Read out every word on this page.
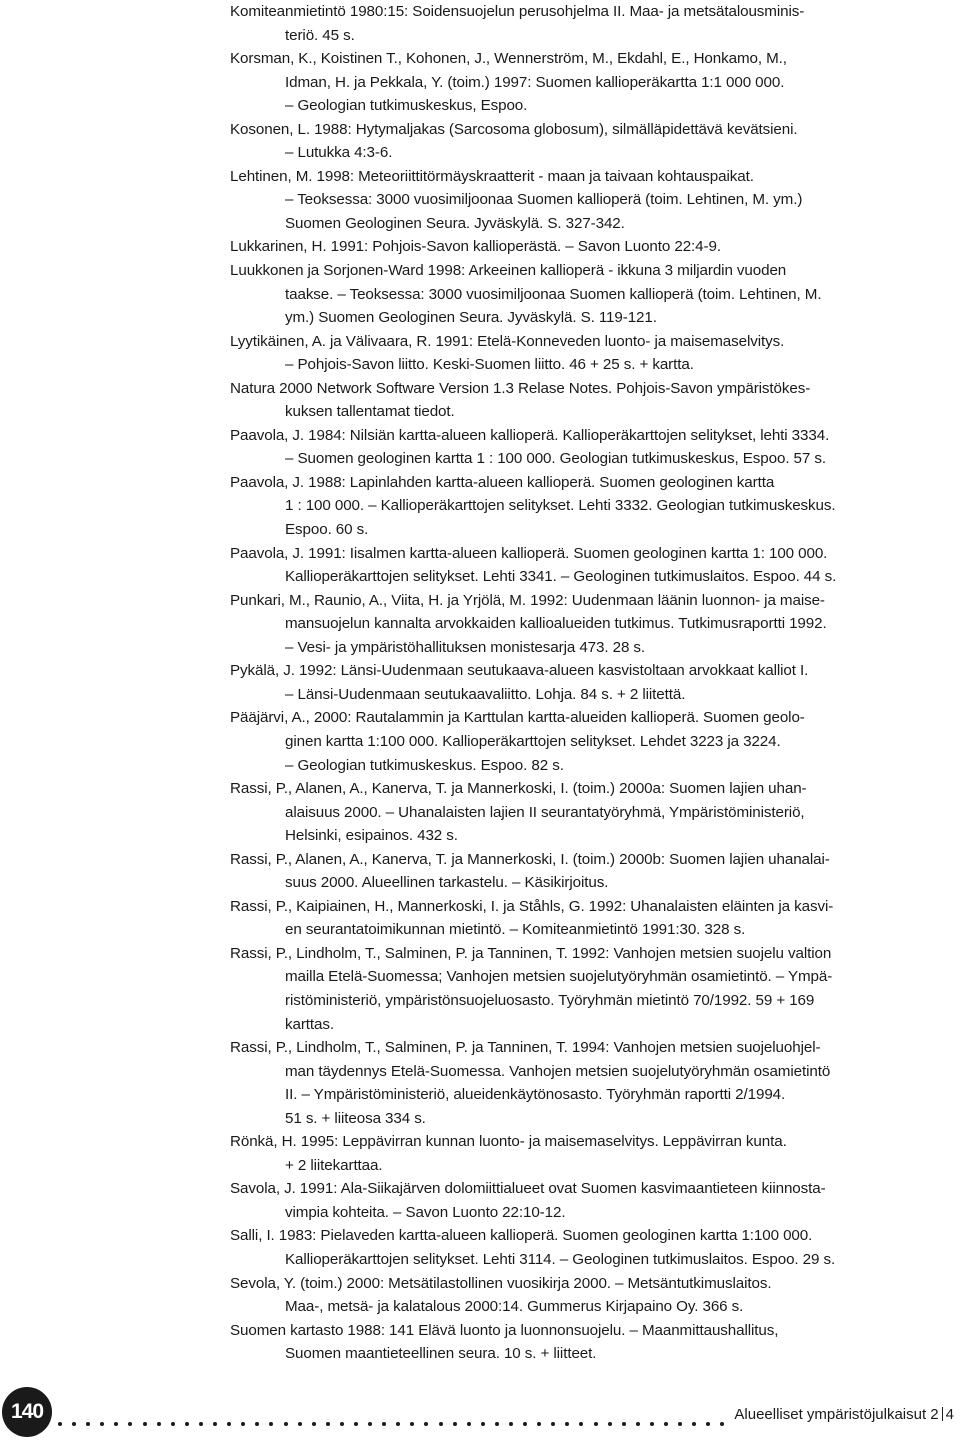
Komiteanmietintö 1980:15: Soidensuojelun perusohjelma II. Maa- ja metsätalousminis-
teriö. 45 s.
Korsman, K., Koistinen T., Kohonen, J., Wennerström, M., Ekdahl, E., Honkamo, M.,
Idman, H. ja Pekkala, Y. (toim.) 1997: Suomen kallioperäkartta 1:1 000 000.
– Geologian tutkimuskeskus, Espoo.
Kosonen, L. 1988: Hytymaljakas (Sarcosoma globosum), silmälläpidettävä kevätsieni.
– Lutukka 4:3-6.
Lehtinen, M. 1998: Meteoriittitörmäyskraatterit - maan ja taivaan kohtauspaikat.
– Teoksessa: 3000 vuosimiljoonaa Suomen kallioperä (toim. Lehtinen, M. ym.)
Suomen Geologinen Seura. Jyväskylä. S. 327-342.
Lukkarinen, H. 1991: Pohjois-Savon kallioperästä. – Savon Luonto 22:4-9.
Luukkonen ja Sorjonen-Ward 1998: Arkeeinen kallioperä - ikkuna 3 miljardin vuoden
taakse. – Teoksessa: 3000 vuosimiljoonaa Suomen kallioperä (toim. Lehtinen, M.
ym.) Suomen Geologinen Seura. Jyväskylä. S. 119-121.
Lyytikäinen, A. ja Välivaara, R. 1991: Etelä-Konneveden luonto- ja maisemaselvitys.
– Pohjois-Savon liitto. Keski-Suomen liitto. 46 + 25 s. + kartta.
Natura 2000 Network Software Version 1.3 Relase Notes. Pohjois-Savon ympäristökes-
kuksen tallentamat tiedot.
Paavola, J. 1984: Nilsiän kartta-alueen kallioperä. Kallioperäkarttojen selitykset, lehti 3334.
– Suomen geologinen kartta 1 : 100 000. Geologian tutkimuskeskus, Espoo. 57 s.
Paavola, J. 1988: Lapinlahden kartta-alueen kallioperä. Suomen geologinen kartta
1 : 100 000. – Kallioperäkarttojen selitykset. Lehti 3332. Geologian tutkimuskeskus.
Espoo. 60 s.
Paavola, J. 1991: Iisalmen kartta-alueen kallioperä. Suomen geologinen kartta 1: 100 000.
Kallioperäkarttojen selitykset. Lehti 3341. – Geologinen tutkimuslaitos. Espoo. 44 s.
Punkari, M., Raunio, A., Viita, H. ja Yrjölä, M. 1992: Uudenmaan läänin luonnon- ja maise-
mansuojelun kannalta arvokkaiden kallioalueiden tutkimus. Tutkimusraportti 1992.
– Vesi- ja ympäristöhallituksen monistesarja 473. 28 s.
Pykälä, J. 1992: Länsi-Uudenmaan seutukaava-alueen kasvistoltaan arvokkaat kalliot I.
– Länsi-Uudenmaan seutukaavaliitto. Lohja. 84 s. + 2 liitettä.
Pääjärvi, A., 2000: Rautalammin ja Karttulan kartta-alueiden kallioperä. Suomen geolo-
ginen kartta 1:100 000. Kallioperäkarttojen selitykset. Lehdet 3223 ja 3224.
– Geologian tutkimuskeskus. Espoo. 82 s.
Rassi, P., Alanen, A., Kanerva, T. ja Mannerkoski, I. (toim.) 2000a: Suomen lajien uhan-
alaisuus 2000. – Uhanalaisten lajien II seurantatyöryhmä, Ympäristöministeriö,
Helsinki, esipainos. 432 s.
Rassi, P., Alanen, A., Kanerva, T. ja Mannerkoski, I. (toim.) 2000b: Suomen lajien uhanalai-
suus 2000. Alueellinen tarkastelu. – Käsikirjoitus.
Rassi, P., Kaipiainen, H., Mannerkoski, I. ja Ståhls, G. 1992: Uhanalaisten eläinten ja kasvi-
en seurantatoimikunnan mietintö. – Komiteanmietintö 1991:30. 328 s.
Rassi, P., Lindholm, T., Salminen, P. ja Tanninen, T. 1992: Vanhojen metsien suojelu valtion
mailla Etelä-Suomessa; Vanhojen metsien suojelutyöryhmän osamietintö. – Ympä-
ristöministeriö, ympäristönsuojeluosasto. Työryhmän mietintö 70/1992. 59 + 169
karttas.
Rassi, P., Lindholm, T., Salminen, P. ja Tanninen, T. 1994: Vanhojen metsien suojeluohjel-
man täydennys Etelä-Suomessa. Vanhojen metsien suojelutyöryhmän osamietintö
II. – Ympäristöministeriö, alueidenkäytönosasto. Työryhmän raportti 2/1994.
51 s. + liiteosa 334 s.
Rönkä, H. 1995: Leppävirran kunnan luonto- ja maisemaselvitys. Leppävirran kunta.
+ 2 liitekarttaa.
Savola, J. 1991: Ala-Siikajärven dolomiittialueet ovat Suomen kasvimaantieteen kiinnosta-
vimpia kohteita. – Savon Luonto 22:10-12.
Salli, I. 1983: Pielaveden kartta-alueen kallioperä. Suomen geologinen kartta 1:100 000.
Kallioperäkarttojen selitykset. Lehti 3114. – Geologinen tutkimuslaitos. Espoo. 29 s.
Sevola, Y. (toim.) 2000: Metsätilastollinen vuosikirja 2000. – Metsäntutkimuslaitos.
Maa-, metsä- ja kalatalous 2000:14. Gummerus Kirjapaino Oy. 366 s.
Suomen kartasto 1988: 141 Elävä luonto ja luonnonsuojelu. – Maanmittaushallitus,
Suomen maantieteellinen seura. 10 s. + liitteet.
140	Alueelliset ympäristöjulkaisut 2 4
